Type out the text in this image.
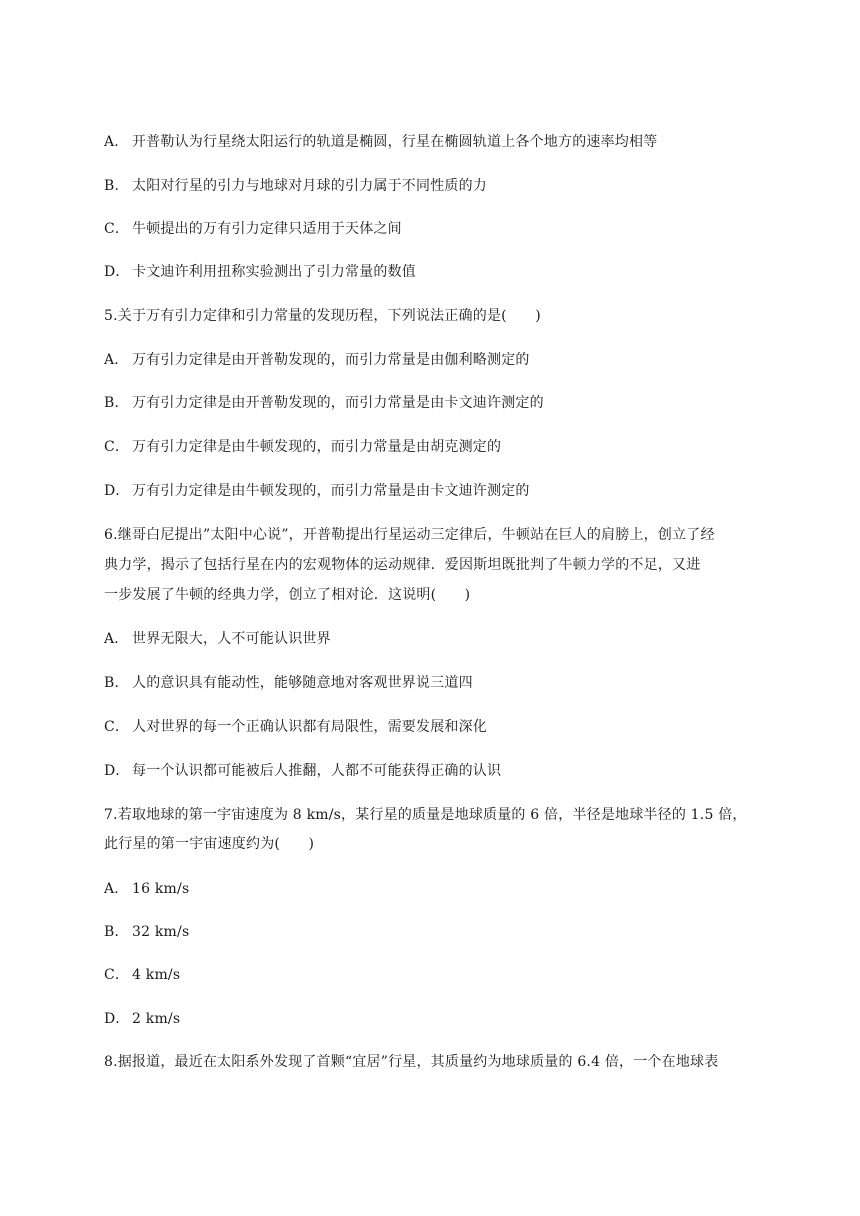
A． 开普勒认为行星绕太阳运行的轨道是椭圆，行星在椭圆轨道上各个地方的速率均相等
B． 太阳对行星的引力与地球对月球的引力属于不同性质的力
C． 牛顿提出的万有引力定律只适用于天体之间
D． 卡文迪许利用扭称实验测出了引力常量的数值
5.关于万有引力定律和引力常量的发现历程，下列说法正确的是(　　)
A． 万有引力定律是由开普勒发现的，而引力常量是由伽利略测定的
B． 万有引力定律是由开普勒发现的，而引力常量是由卡文迪许测定的
C． 万有引力定律是由牛顿发现的，而引力常量是由胡克测定的
D． 万有引力定律是由牛顿发现的，而引力常量是由卡文迪许测定的
6.继哥白尼提出”太阳中心说”，开普勒提出行星运动三定律后，牛顿站在巨人的肩膀上，创立了经
典力学，揭示了包括行星在内的宏观物体的运动规律．爱因斯坦既批判了牛顿力学的不足，又进
一步发展了牛顿的经典力学，创立了相对论．这说明(　　)
A． 世界无限大，人不可能认识世界
B． 人的意识具有能动性，能够随意地对客观世界说三道四
C． 人对世界的每一个正确认识都有局限性，需要发展和深化
D． 每一个认识都可能被后人推翻，人都不可能获得正确的认识
7.若取地球的第一宇宙速度为 8 km/s，某行星的质量是地球质量的 6 倍，半径是地球半径的 1.5 倍，
此行星的第一宇宙速度约为(　　)
A． 16 km/s
B． 32 km/s
C． 4 km/s
D． 2 km/s
8.据报道，最近在太阳系外发现了首颗“宜居”行星，其质量约为地球质量的 6.4 倍，一个在地球表
